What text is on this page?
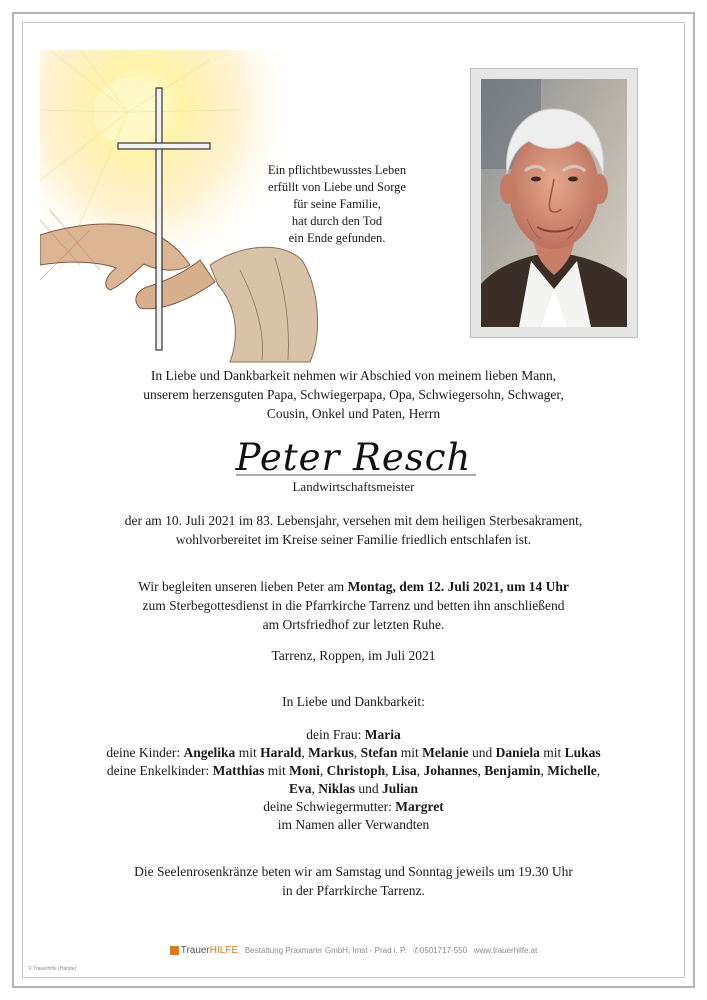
Ein pflichtbewusstes Leben
erfüllt von Liebe und Sorge
für seine Familie,
hat durch den Tod
ein Ende gefunden.
In Liebe und Dankbarkeit nehmen wir Abschied von meinem lieben Mann,
unserem herzensguten Papa, Schwiegerpapa, Opa, Schwiegersohn, Schwager,
Cousin, Onkel und Paten, Herrn
Peter Resch
Landwirtschaftsmeister
der am 10. Juli 2021 im 83. Lebensjahr, versehen mit dem heiligen Sterbesakrament,
wohlvorbereitet im Kreise seiner Familie friedlich entschlafen ist.
Wir begleiten unseren lieben Peter am Montag, dem 12. Juli 2021, um 14 Uhr
zum Sterbegottesdienst in die Pfarrkirche Tarrenz und betten ihn anschließend
am Ortsfriedhof zur letzten Ruhe.
Tarrenz, Roppen, im Juli 2021
In Liebe und Dankbarkeit:
dein Frau: Maria
deine Kinder: Angelika mit Harald, Markus, Stefan mit Melanie und Daniela mit Lukas
deine Enkelkinder: Matthias mit Moni, Christoph, Lisa, Johannes, Benjamin, Michelle,
Eva, Niklas und Julian
deine Schwiegermutter: Margret
im Namen aller Verwandten
Die Seelenrosenkränze beten wir am Samstag und Sonntag jeweils um 19.30 Uhr
in der Pfarrkirche Tarrenz.
TrauerHILFE Bestattung Praxmarer GmbH, Imst - Prad i. P. ✆0501717-550 www.trauerhilfe.at
© Trauerhilfe (Hände)
